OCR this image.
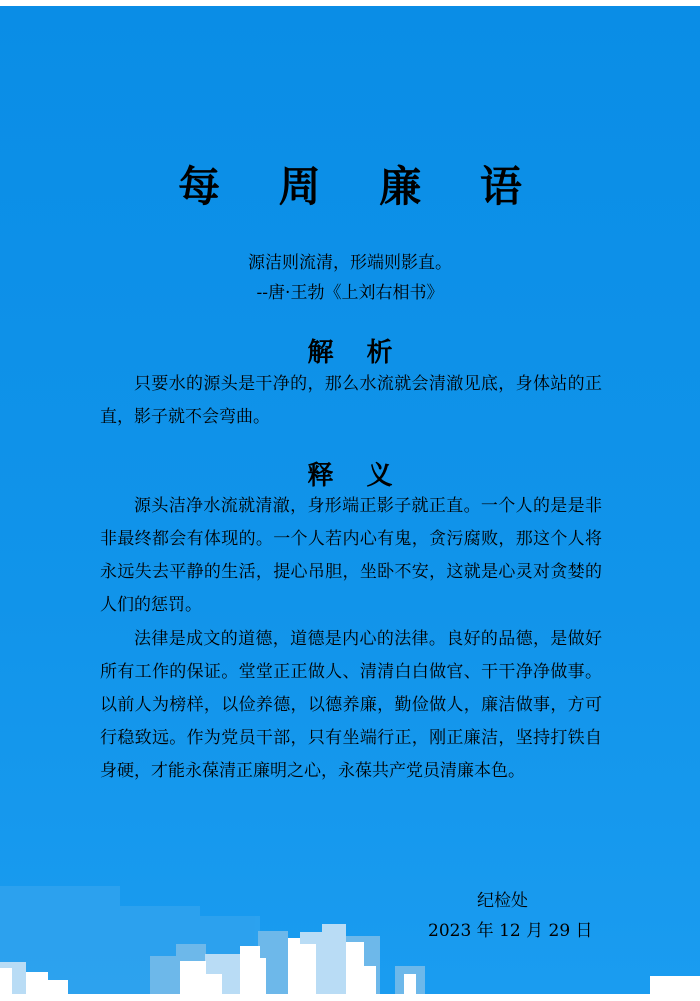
每 周 廉 语
源洁则流清，形端则影直。
--唐·王勃《上刘右相书》
解 析

只要水的源头是干净的，那么水流就会清澈见底，身体站的正直，影子就不会弯曲。

释 义

源头洁净水流就清澈，身形端正影子就正直。一个人的是是非非最终都会有体现的。一个人若内心有鬼，贪污腐败，那这个人将永远失去平静的生活，提心吊胆，坐卧不安，这就是心灵对贪婪的人们的惩罚。

法律是成文的道德，道德是内心的法律。良好的品德，是做好所有工作的保证。堂堂正正做人、清清白白做官、干干净净做事。以前人为榜样，以俭养德，以德养廉，勤俭做人，廉洁做事，方可行稳致远。作为党员干部，只有坐端行正，刚正廉洁，坚持打铁自身硬，才能永葆清正廉明之心，永葆共产党员清廉本色。

纪检处
2023 年 12 月 29 日
